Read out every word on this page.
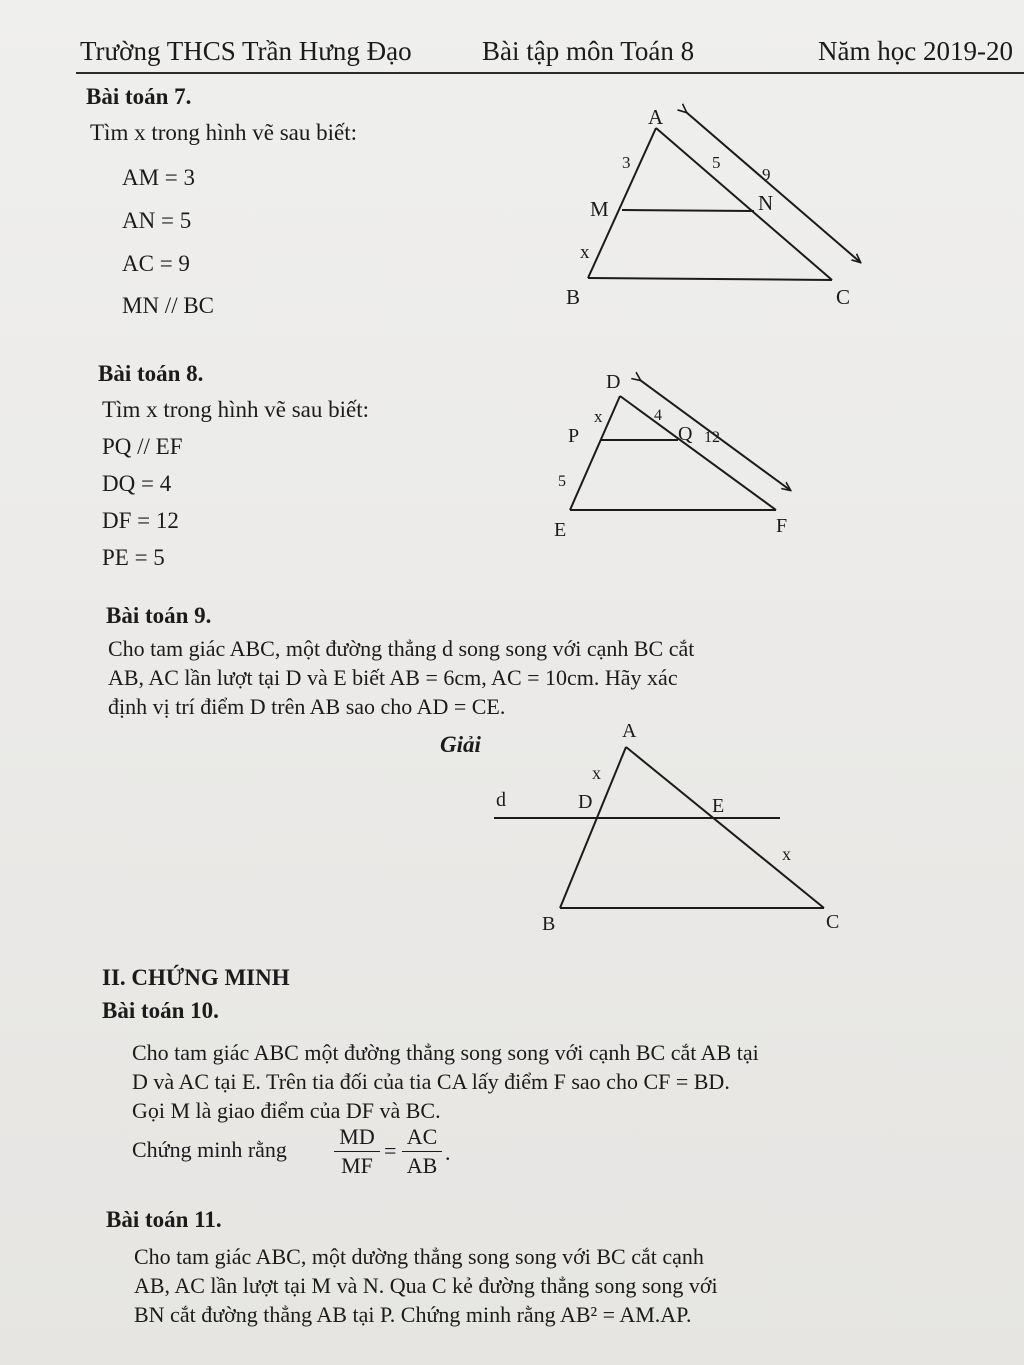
Trường THCS Trần Hưng Đạo	Bài tập môn Toán 8	Năm học 2019-20
Bài toán 7.
Tìm x trong hình vẽ sau biết:
AM = 3
AN = 5
AC = 9
MN // BC
Bài toán 8.
Tìm x trong hình vẽ sau biết:
PQ // EF
DQ = 4
DF = 12
PE = 5
Bài toán 9.
Cho tam giác ABC, một đường thẳng d song song với cạnh BC cắt
AB, AC lần lượt tại D và E biết AB = 6cm, AC = 10cm. Hãy xác
định vị trí điểm D trên AB sao cho AD = CE.
Giải
II. CHỨNG MINH
Bài toán 10.
Cho tam giác ABC một đường thẳng song song với cạnh BC cắt AB tại
D và AC tại E. Trên tia đối của tia CA lấy điểm F sao cho CF = BD.
Gọi M là giao điểm của DF và BC.
Chứng minh rằng
MD
MF
=
AC
AB
.
Bài toán 11.
Cho tam giác ABC, một dường thẳng song song với BC cắt cạnh
AB, AC lần lượt tại M và N. Qua C kẻ đường thẳng song song với
BN cắt đường thẳng AB tại P. Chứng minh rằng AB² = AM.AP.
A
3	5
9
M	N
x
B	C
D
x	4
P	Q 12
5
E	F
A
x
d	D	E
x
B	C
